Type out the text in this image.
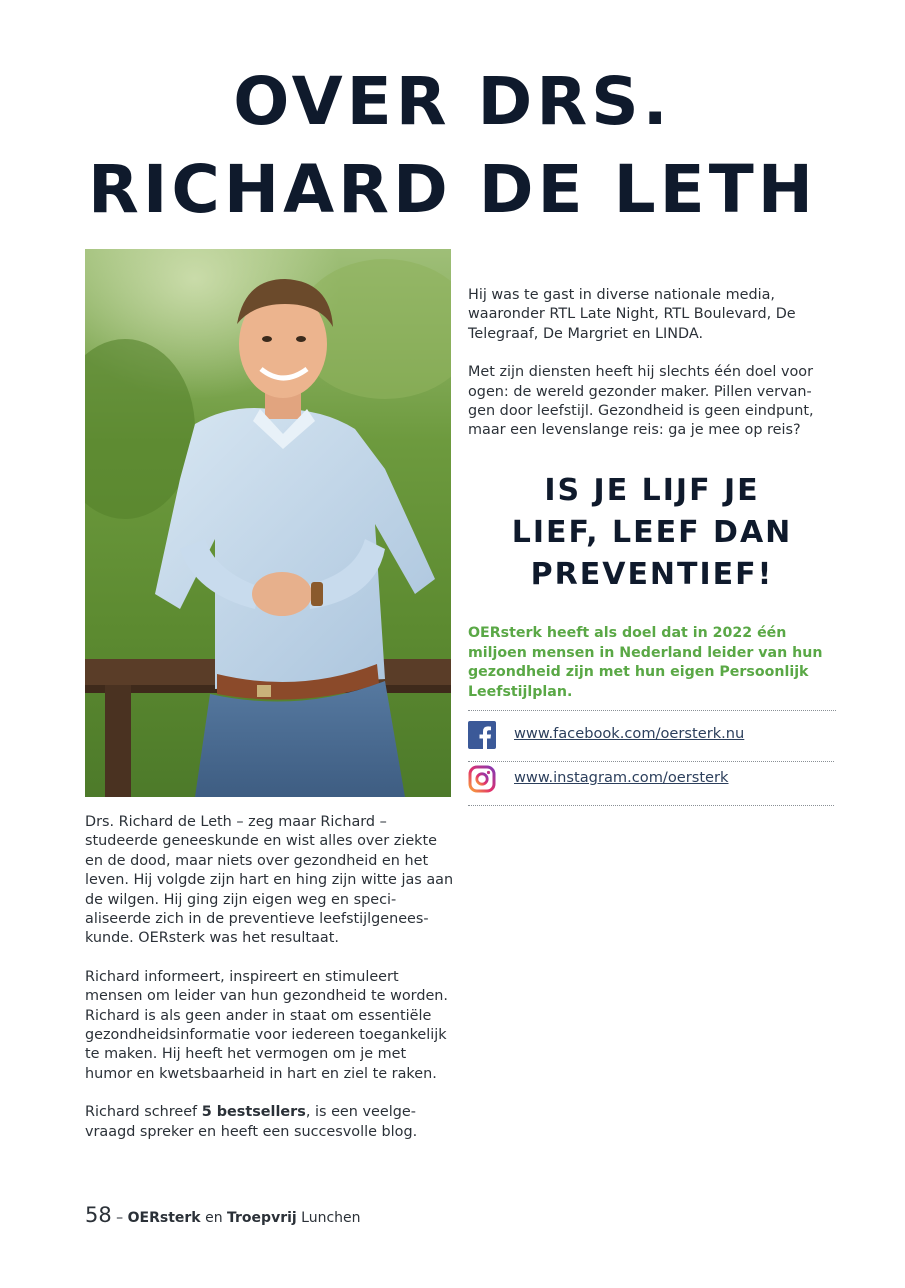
OVER DRS.
RICHARD DE LETH

Drs. Richard de Leth – zeg maar Richard – studeerde geneeskunde en wist alles over ziekte en de dood, maar niets over gezondheid en het leven. Hij volgde zijn hart en hing zijn witte jas aan de wilgen. Hij ging zijn eigen weg en speci-aliseerde zich in de preventieve leefstijlgenees-kunde. OERsterk was het resultaat.

Richard informeert, inspireert en stimuleert mensen om leider van hun gezondheid te worden. Richard is als geen ander in staat om essentiële gezondheidsinformatie voor iedereen toegankelijk te maken. Hij heeft het vermogen om je met humor en kwetsbaarheid in hart en ziel te raken.

Richard schreef 5 bestsellers, is een veelge-vraagd spreker en heeft een succesvolle blog.

Hij was te gast in diverse nationale media, waaronder RTL Late Night, RTL Boulevard, De Telegraaf, De Margriet en LINDA.

Met zijn diensten heeft hij slechts één doel voor ogen: de wereld gezonder maker. Pillen vervan-gen door leefstijl. Gezondheid is geen eindpunt, maar een levenslange reis: ga je mee op reis?

IS JE LIJF JE
LIEF, LEEF DAN
PREVENTIEF!

OERsterk heeft als doel dat in 2022 één miljoen mensen in Nederland leider van hun gezondheid zijn met hun eigen Persoonlijk Leefstijlplan.

www.facebook.com/oersterk.nu
www.instagram.com/oersterk
58 – OERsterk en Troepvrij Lunchen
